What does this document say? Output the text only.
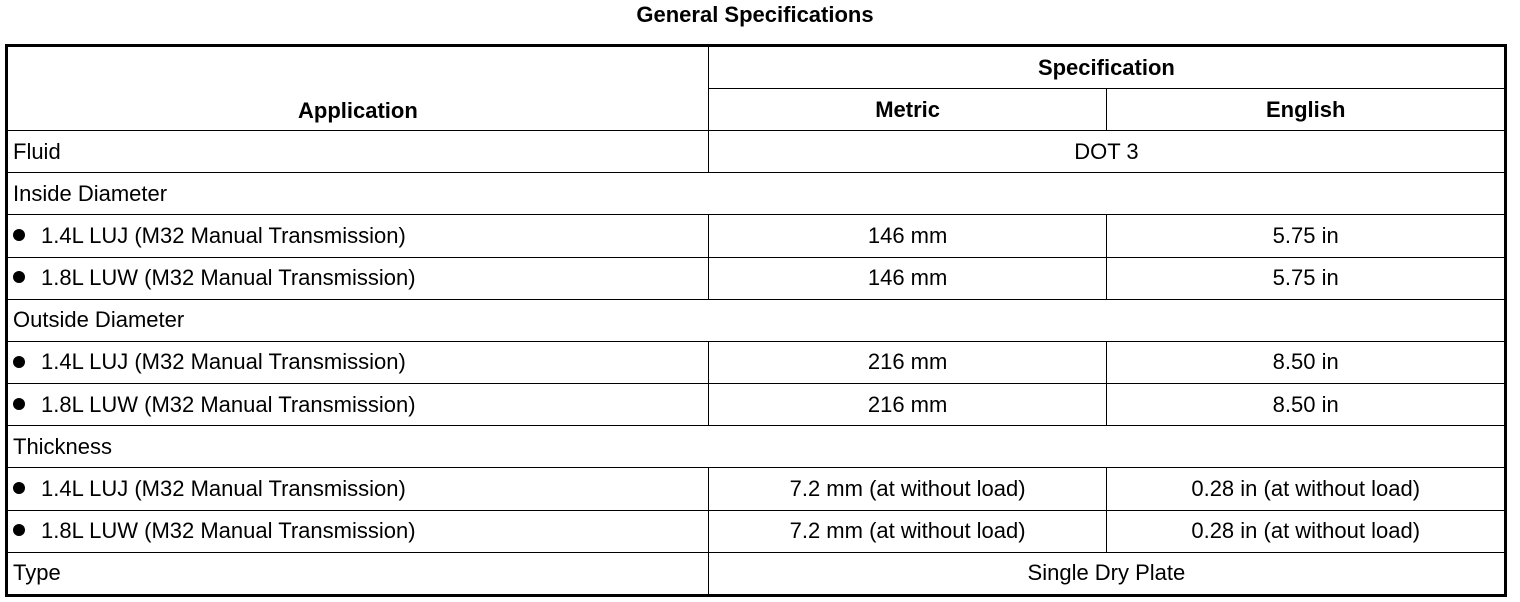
General Specifications
Application	Specification	
	Metric	English
Fluid	DOT 3	
Inside Diameter		
1.4L LUJ (M32 Manual Transmission)	146 mm	5.75 in
1.8L LUW (M32 Manual Transmission)	146 mm	5.75 in
Outside Diameter		
1.4L LUJ (M32 Manual Transmission)	216 mm	8.50 in
1.8L LUW (M32 Manual Transmission)	216 mm	8.50 in
Thickness		
1.4L LUJ (M32 Manual Transmission)	7.2 mm (at without load)	0.28 in (at without load)
1.8L LUW (M32 Manual Transmission)	7.2 mm (at without load)	0.28 in (at without load)
Type	Single Dry Plate	
